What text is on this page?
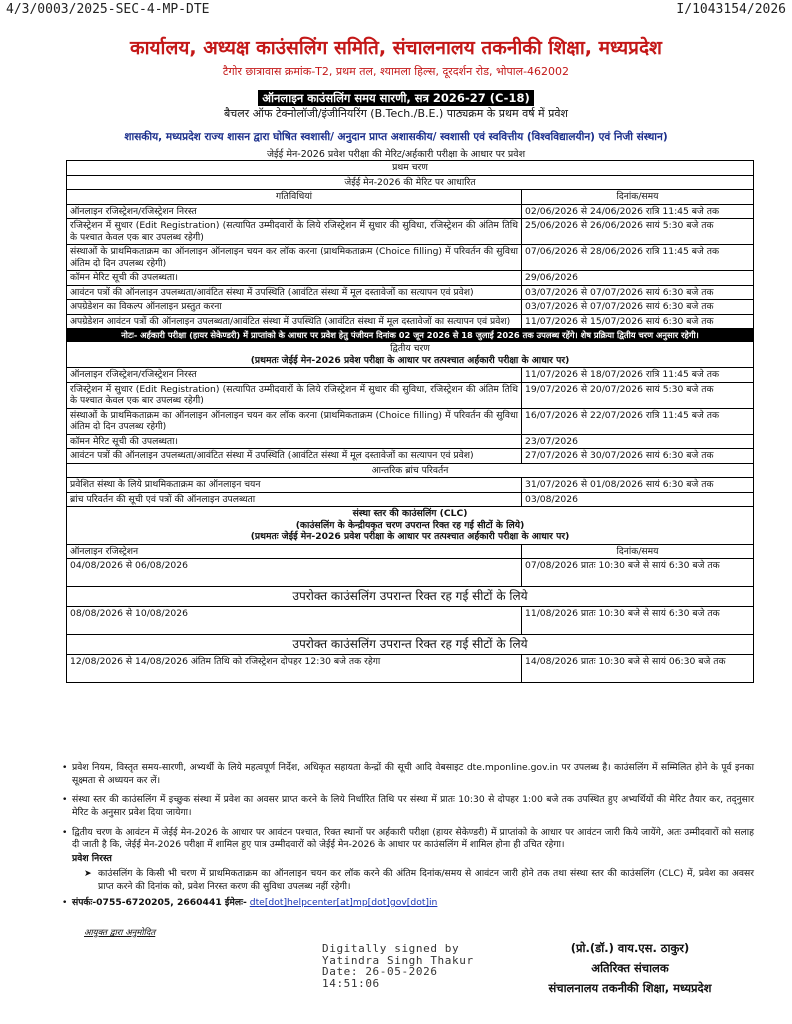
4/3/0003/2025-SEC-4-MP-DTE	I/1043154/2026
कार्यालय, अध्यक्ष काउंसलिंग समिति, संचालनालय तकनीकी शिक्षा, मध्यप्रदेश
टैगोर छात्रावास क्रमांक-T2, प्रथम तल, श्यामला हिल्स, दूरदर्शन रोड, भोपाल-462002
ऑनलाइन काउंसलिंग समय सारणी, सत्र 2026-27 (C-18)
बैचलर ऑफ टेक्नोलॉजी/इंजीनियरिंग (B.Tech./B.E.) पाठ्यक्रम के प्रथम वर्ष में प्रवेश
शासकीय, मध्यप्रदेश राज्य शासन द्वारा घोषित स्वशासी/ अनुदान प्राप्त अशासकीय/ स्वशासी एवं स्ववित्तीय (विश्वविद्यालयीन) एवं निजी संस्थान)
जेईई मेन-2026 प्रवेश परीक्षा की मेरिट/अर्हकारी परीक्षा के आधार पर प्रवेश
प्रथम चरण	
जेईई मेन-2026 की मेरिट पर आधारित	
गतिविधियां	दिनांक/समय
ऑनलाइन रजिस्ट्रेशन/रजिस्ट्रेशन निरस्त	02/06/2026 से 24/06/2026 रात्रि 11:45 बजे तक
रजिस्ट्रेशन में सुधार (Edit Registration) (सत्यापित उम्मीदवारों के लिये रजिस्ट्रेशन में सुधार की सुविधा, रजिस्ट्रेशन की अंतिम तिथि के पश्चात केवल एक बार उपलब्ध रहेगी)	25/06/2026 से 26/06/2026 सायं 5:30 बजे तक
संस्थाओं के प्राथमिकताक्रम का ऑनलाइन ऑनलाइन चयन कर लॉक करना (प्राथमिकताक्रम (Choice filling) में परिवर्तन की सुविधा अंतिम दो दिन उपलब्ध रहेगी)	07/06/2026 से 28/06/2026 रात्रि 11:45 बजे तक
कॉमन मेरिट सूची की उपलब्धता।	29/06/2026
आवंटन पत्रों की ऑनलाइन उपलब्धता/आवंटित संस्था में उपस्थिति (आवंटित संस्था में मूल दस्तावेजों का सत्यापन एवं प्रवेश)	03/07/2026 से 07/07/2026 सायं 6:30 बजे तक
अपग्रेडेशन का विकल्प ऑनलाइन प्रस्तुत करना	03/07/2026 से 07/07/2026 सायं 6:30 बजे तक
अपग्रेडेशन आवंटन पत्रों की ऑनलाइन उपलब्धता/आवंटित संस्था में उपस्थिति (आवंटित संस्था में मूल दस्तावेजों का सत्यापन एवं प्रवेश)	11/07/2026 से 15/07/2026 सायं 6:30 बजे तक
नोटः- अर्हकारी परीक्षा (हायर सेकेण्डरी) में प्राप्तांको के आधार पर प्रवेश हेतु पंजीयन दिनांक 02 जून 2026 से 18 जुलाई 2026 तक उपलब्ध रहेंगे। शेष प्रक्रिया द्वितीय चरण अनुसार रहेगी।	

द्वितीय चरण
(प्रथमतः जेईई मेन-2026 प्रवेश परीक्षा के आधार पर तत्पश्चात अर्हकारी परीक्षा के आधार पर)	

ऑनलाइन रजिस्ट्रेशन/रजिस्ट्रेशन निरस्त	11/07/2026 से 18/07/2026 रात्रि 11:45 बजे तक
रजिस्ट्रेशन में सुधार (Edit Registration) (सत्यापित उम्मीदवारों के लिये रजिस्ट्रेशन में सुधार की सुविधा, रजिस्ट्रेशन की अंतिम तिथि के पश्चात केवल एक बार उपलब्ध रहेगी)	19/07/2026 से 20/07/2026 सायं 5:30 बजे तक
संस्थाओं के प्राथमिकताक्रम का ऑनलाइन ऑनलाइन चयन कर लॉक करना (प्राथमिकताक्रम (Choice filling) में परिवर्तन की सुविधा अंतिम दो दिन उपलब्ध रहेगी)	16/07/2026 से 22/07/2026 रात्रि 11:45 बजे तक
कॉमन मेरिट सूची की उपलब्धता।	23/07/2026
आवंटन पत्रों की ऑनलाइन उपलब्धता/आवंटित संस्था में उपस्थिति (आवंटित संस्था में मूल दस्तावेजों का सत्यापन एवं प्रवेश)	27/07/2026 से 30/07/2026 सायं 6:30 बजे तक
आन्तरिक ब्रांच परिवर्तन	
प्रवेशित संस्था के लिये प्राथमिकताक्रम का ऑनलाइन चयन	31/07/2026 से 01/08/2026 सायं 6:30 बजे तक
ब्रांच परिवर्तन की सूची एवं पत्रों की ऑनलाइन उपलब्धता	03/08/2026

संस्था स्तर की काउंसलिंग (CLC)
(काउंसलिंग के केन्द्रीयकृत चरण उपरान्त रिक्त रह गई सीटों के लिये)
(प्रथमतः जेईई मेन-2026 प्रवेश परीक्षा के आधार पर तत्पश्चात अर्हकारी परीक्षा के आधार पर)	

ऑनलाइन रजिस्ट्रेशन	दिनांक/समय
04/08/2026 से 06/08/2026	07/08/2026 प्रातः 10:30 बजे से सायं 6:30 बजे तक
उपरोक्त काउंसलिंग उपरान्त रिक्त रह गई सीटों के लिये	
08/08/2026 से 10/08/2026	11/08/2026 प्रातः 10:30 बजे से सायं 6:30 बजे तक
उपरोक्त काउंसलिंग उपरान्त रिक्त रह गई सीटों के लिये	
12/08/2026 से 14/08/2026 अंतिम तिथि को रजिस्ट्रेशन दोपहर 12:30 बजे तक रहेगा	14/08/2026 प्रातः 10:30 बजे से सायं 06:30 बजे तक
• प्रवेश नियम, विस्तृत समय-सारणी, अभ्यर्थी के लिये महत्वपूर्ण निर्देश, अधिकृत सहायता केन्द्रों की सूची आदि वेबसाइट dte.mponline.gov.in पर उपलब्ध है। काउंसलिंग में सम्मिलित होने के पूर्व इनका सूक्ष्मता से अध्ययन कर लें।
• संस्था स्तर की काउंसलिंग में इच्छुक संस्था में प्रवेश का अवसर प्राप्त करने के लिये निर्धारित तिथि पर संस्था में प्रातः 10:30 से दोपहर 1:00 बजे तक उपस्थित हुए अभ्यर्थियों की मेरिट तैयार कर, तद्नुसार मेरिट के अनुसार प्रवेश दिया जायेगा।
• द्वितीय चरण के आवंटन में जेईई मेन-2026 के आधार पर आवंटन पश्चात, रिक्त स्थानों पर अर्हकारी परीक्षा (हायर सेकेण्डरी) में प्राप्तांको के आधार पर आवंटन जारी किये जायेंगे, अतः उम्मीदवारों को सलाह दी जाती है कि, जेईई मेन-2026 परीक्षा में शामिल हुए पात्र उम्मीदवारों को जेईई मेन-2026 के आधार पर काउंसलिंग में शामिल होना ही उचित रहेगा।
प्रवेश निरस्त
➤ काउंसलिंग के किसी भी चरण में प्राथमिकताक्रम का ऑनलाइन चयन कर लॉक करने की अंतिम दिनांक/समय से आवंटन जारी होने तक तथा संस्था स्तर की काउंसलिंग (CLC) में, प्रवेश का अवसर प्राप्त करने की दिनांक को, प्रवेश निरस्त करण की सुविधा उपलब्ध नहीं रहेगी।
• संपर्कः-0755-6720205, 2660441 ईमेलः- dte[dot]helpcenter[at]mp[dot]gov[dot]in
आयुक्त द्वारा अनुमोदित
Digitally signed by
Yatindra Singh Thakur
Date: 26-05-2026
14:51:06
(प्रो.(डॉ.) वाय.एस. ठाकुर)
अतिरिक्त संचालक
संचालनालय तकनीकी शिक्षा, मध्यप्रदेश
